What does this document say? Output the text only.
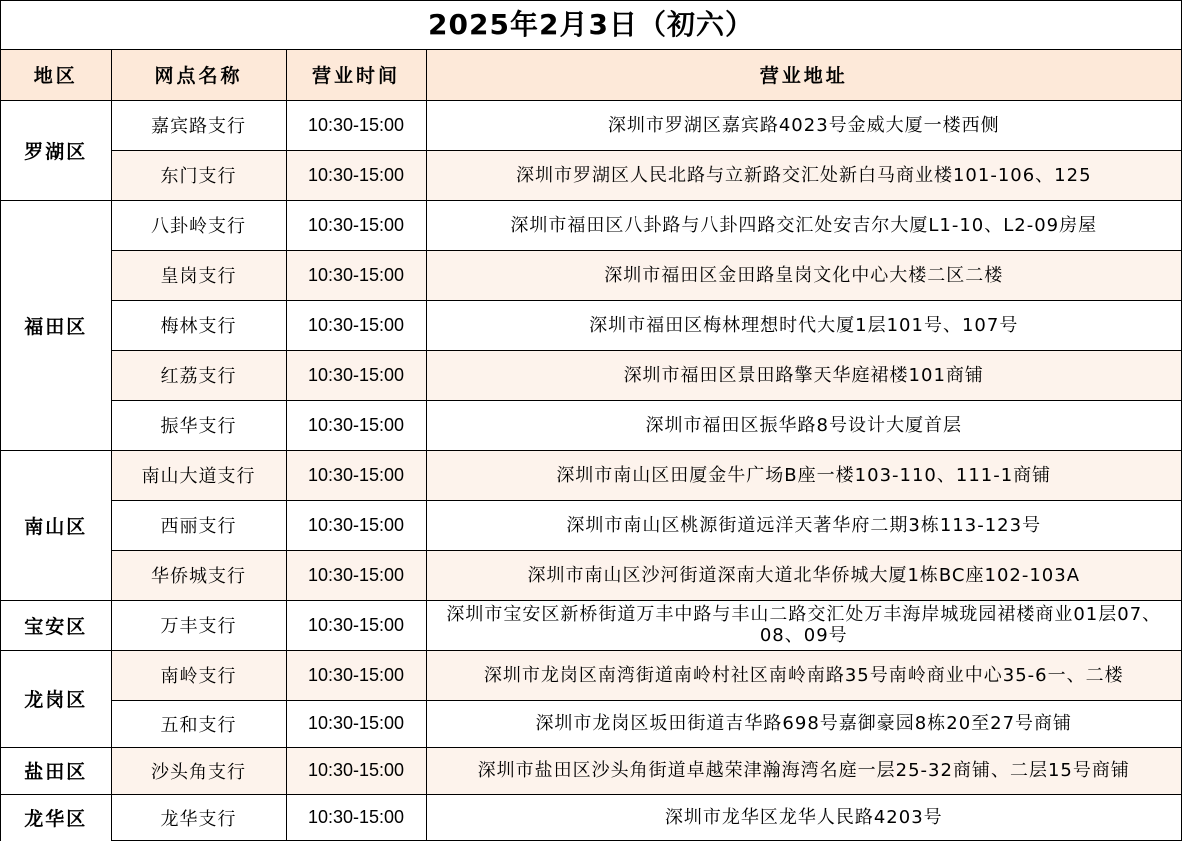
2025年2月3日（初六）
地区	网点名称	营业时间	营业地址
罗湖区	嘉宾路支行	10:30-15:00	深圳市罗湖区嘉宾路4023号金威大厦一楼西侧
	东门支行	10:30-15:00	深圳市罗湖区人民北路与立新路交汇处新白马商业楼101-106、125
福田区	八卦岭支行	10:30-15:00	深圳市福田区八卦路与八卦四路交汇处安吉尔大厦L1-10、L2-09房屋
	皇岗支行	10:30-15:00	深圳市福田区金田路皇岗文化中心大楼二区二楼
	梅林支行	10:30-15:00	深圳市福田区梅林理想时代大厦1层101号、107号
	红荔支行	10:30-15:00	深圳市福田区景田路擎天华庭裙楼101商铺
	振华支行	10:30-15:00	深圳市福田区振华路8号设计大厦首层
南山区	南山大道支行	10:30-15:00	深圳市南山区田厦金牛广场B座一楼103-110、111-1商铺
	西丽支行	10:30-15:00	深圳市南山区桃源街道远洋天著华府二期3栋113-123号
	华侨城支行	10:30-15:00	深圳市南山区沙河街道深南大道北华侨城大厦1栋BC座102-103A
宝安区	万丰支行	10:30-15:00	深圳市宝安区新桥街道万丰中路与丰山二路交汇处万丰海岸城珑园裙楼商业01层07、08、09号
龙岗区	南岭支行	10:30-15:00	深圳市龙岗区南湾街道南岭村社区南岭南路35号南岭商业中心35-6一、二楼
	五和支行	10:30-15:00	深圳市龙岗区坂田街道吉华路698号嘉御豪园8栋20至27号商铺
盐田区	沙头角支行	10:30-15:00	深圳市盐田区沙头角街道卓越荣津瀚海湾名庭一层25-32商铺、二层15号商铺
龙华区	龙华支行	10:30-15:00	深圳市龙华区龙华人民路4203号
